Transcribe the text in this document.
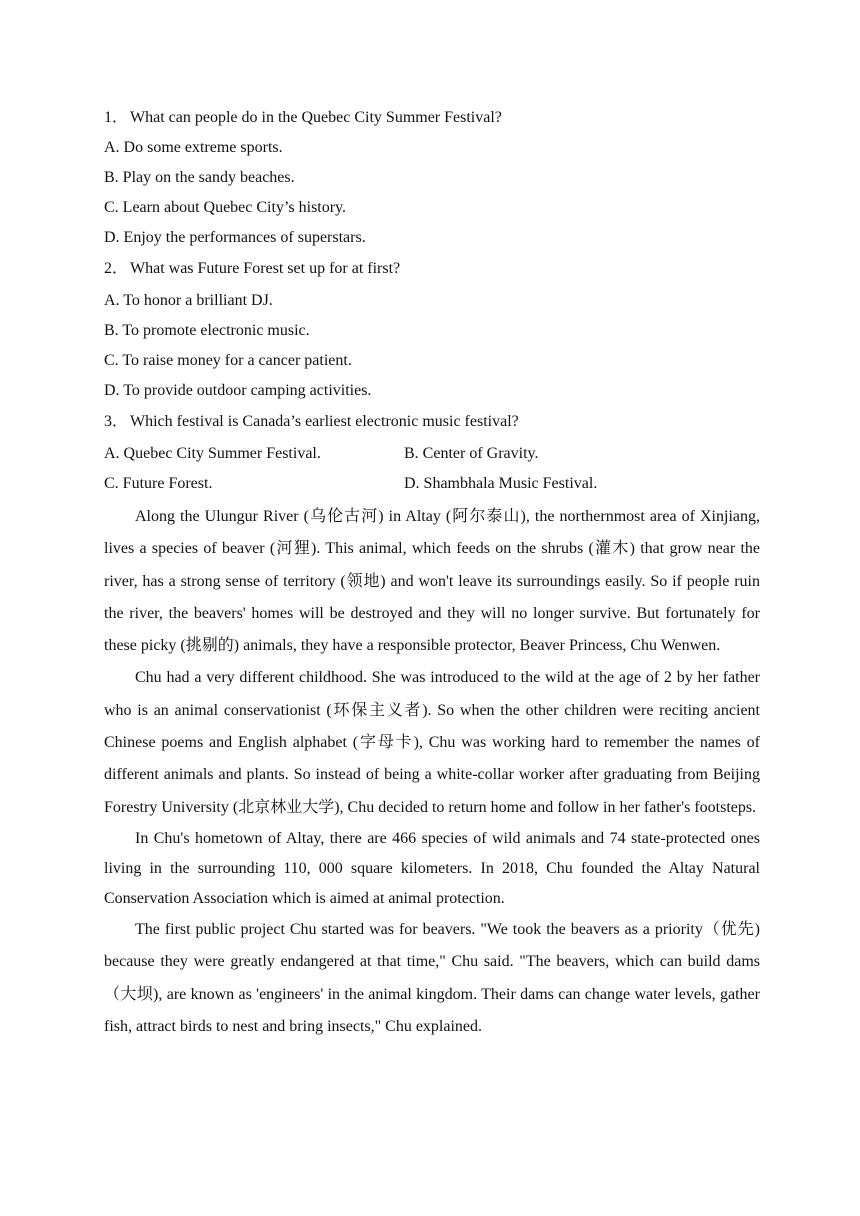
1． What can people do in the Quebec City Summer Festival?
A. Do some extreme sports.
B. Play on the sandy beaches.
C. Learn about Quebec City’s history.
D. Enjoy the performances of superstars.
2． What was Future Forest set up for at first?
A. To honor a brilliant DJ.
B. To promote electronic music.
C. To raise money for a cancer patient.
D. To provide outdoor camping activities.
3． Which festival is Canada’s earliest electronic music festival?
A. Quebec City Summer Festival.	B. Center of Gravity.
C. Future Forest.	D. Shambhala Music Festival.

Along the Ulungur River (乌伦古河) in Altay (阿尔泰山), the northernmost area of Xinjiang, lives a species of beaver (河狸). This animal, which feeds on the shrubs (灌木) that grow near the river, has a strong sense of territory (领地) and won't leave its surroundings easily. So if people ruin the river, the beavers' homes will be destroyed and they will no longer survive. But fortunately for these picky (挑剔的) animals, they have a responsible protector, Beaver Princess, Chu Wenwen.

Chu had a very different childhood. She was introduced to the wild at the age of 2 by her father who is an animal conservationist (环保主义者). So when the other children were reciting ancient Chinese poems and English alphabet (字母卡), Chu was working hard to remember the names of different animals and plants. So instead of being a white-collar worker after graduating from Beijing Forestry University (北京林业大学), Chu decided to return home and follow in her father's footsteps.

In Chu's hometown of Altay, there are 466 species of wild animals and 74 state-protected ones living in the surrounding 110, 000 square kilometers. In 2018, Chu founded the Altay Natural Conservation Association which is aimed at animal protection.

The first public project Chu started was for beavers. "We took the beavers as a priority（优先) because they were greatly endangered at that time," Chu said. "The beavers, which can build dams（大坝), are known as 'engineers' in the animal kingdom. Their dams can change water levels, gather fish, attract birds to nest and bring insects," Chu explained.
